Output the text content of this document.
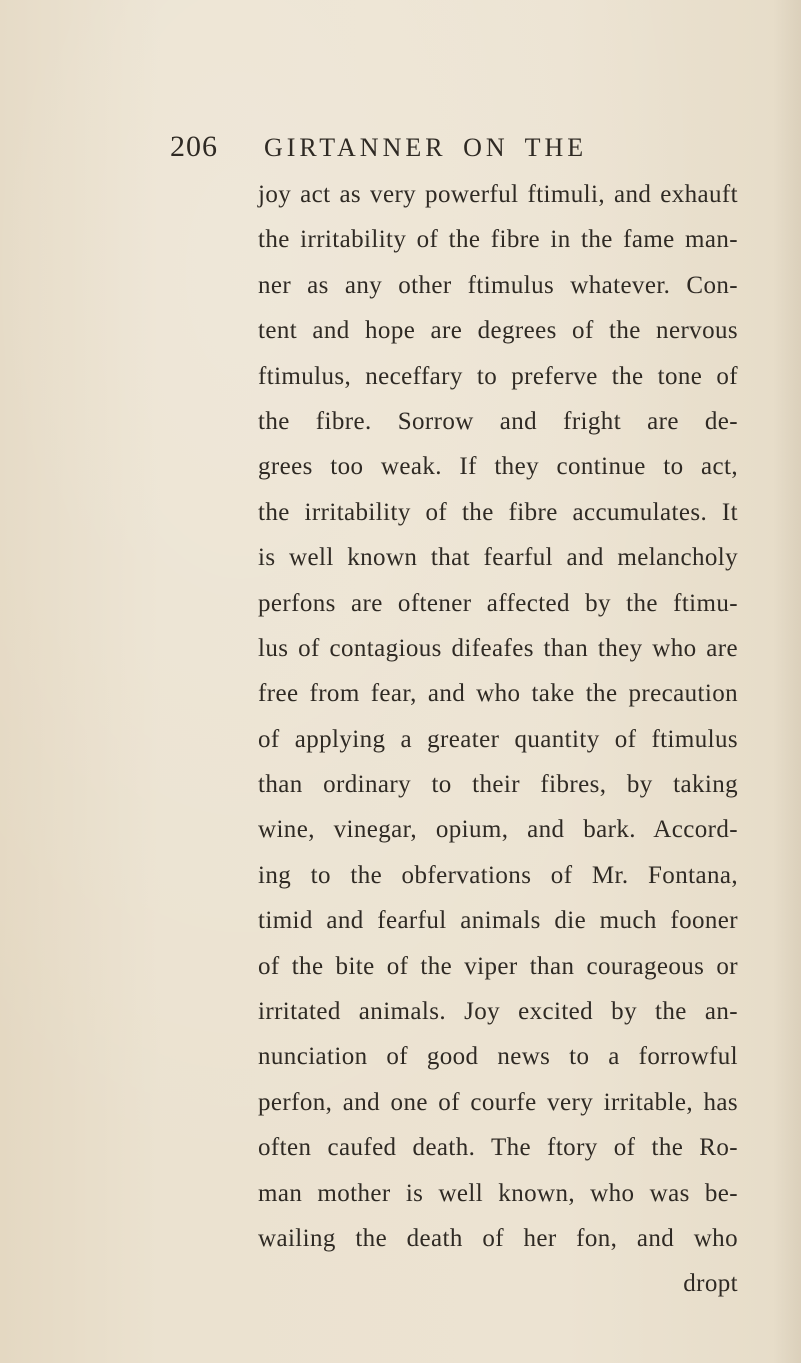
206 GIRTANNER ON THE
joy act as very powerful ftimuli, and exhauft
the irritability of the fibre in the fame man-
ner as any other ftimulus whatever. Con-
tent and hope are degrees of the nervous
ftimulus, neceffary to preferve the tone of
the fibre. Sorrow and fright are de-
grees too weak. If they continue to act,
the irritability of the fibre accumulates. It
is well known that fearful and melancholy
perfons are oftener affected by the ftimu-
lus of contagious difeafes than they who are
free from fear, and who take the precaution
of applying a greater quantity of ftimulus
than ordinary to their fibres, by taking
wine, vinegar, opium, and bark. Accord-
ing to the obfervations of Mr. Fontana,
timid and fearful animals die much fooner
of the bite of the viper than courageous or
irritated animals. Joy excited by the an-
nunciation of good news to a forrowful
perfon, and one of courfe very irritable, has
often caufed death. The ftory of the Ro-
man mother is well known, who was be-
wailing the death of her fon, and who
dropt
